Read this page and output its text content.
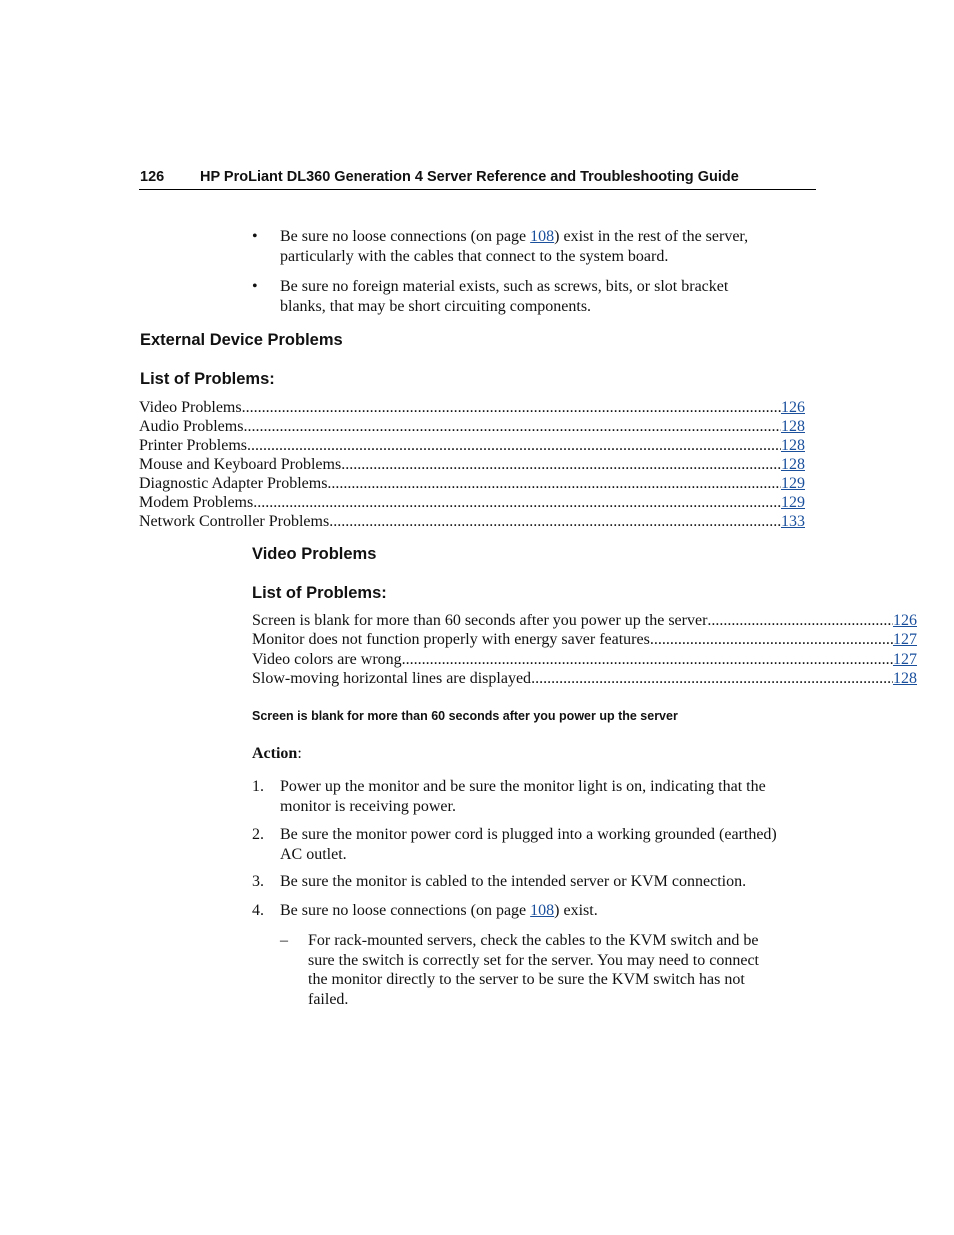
126 HP ProLiant DL360 Generation 4 Server Reference and Troubleshooting Guide
• Be sure no loose connections (on page 108) exist in the rest of the server,
particularly with the cables that connect to the system board.
• Be sure no foreign material exists, such as screws, bits, or slot bracket
blanks, that may be short circuiting components.
External Device Problems
List of Problems:
Video Problems .....	126
Audio Problems .....	128
Printer Problems .....	128
Mouse and Keyboard Problems .....	128
Diagnostic Adapter Problems .....	129
Modem Problems .....	129
Network Controller Problems .....	133
Video Problems
List of Problems:
Screen is blank for more than 60 seconds after you power up the server .....	126
Monitor does not function properly with energy saver features .....	127
Video colors are wrong .....	127
Slow-moving horizontal lines are displayed .....	128
Screen is blank for more than 60 seconds after you power up the server
Action:
1. Power up the monitor and be sure the monitor light is on, indicating that the
monitor is receiving power.
2. Be sure the monitor power cord is plugged into a working grounded (earthed)
AC outlet.
3. Be sure the monitor is cabled to the intended server or KVM connection.
4. Be sure no loose connections (on page 108) exist.
– For rack-mounted servers, check the cables to the KVM switch and be
sure the switch is correctly set for the server. You may need to connect
the monitor directly to the server to be sure the KVM switch has not
failed.
